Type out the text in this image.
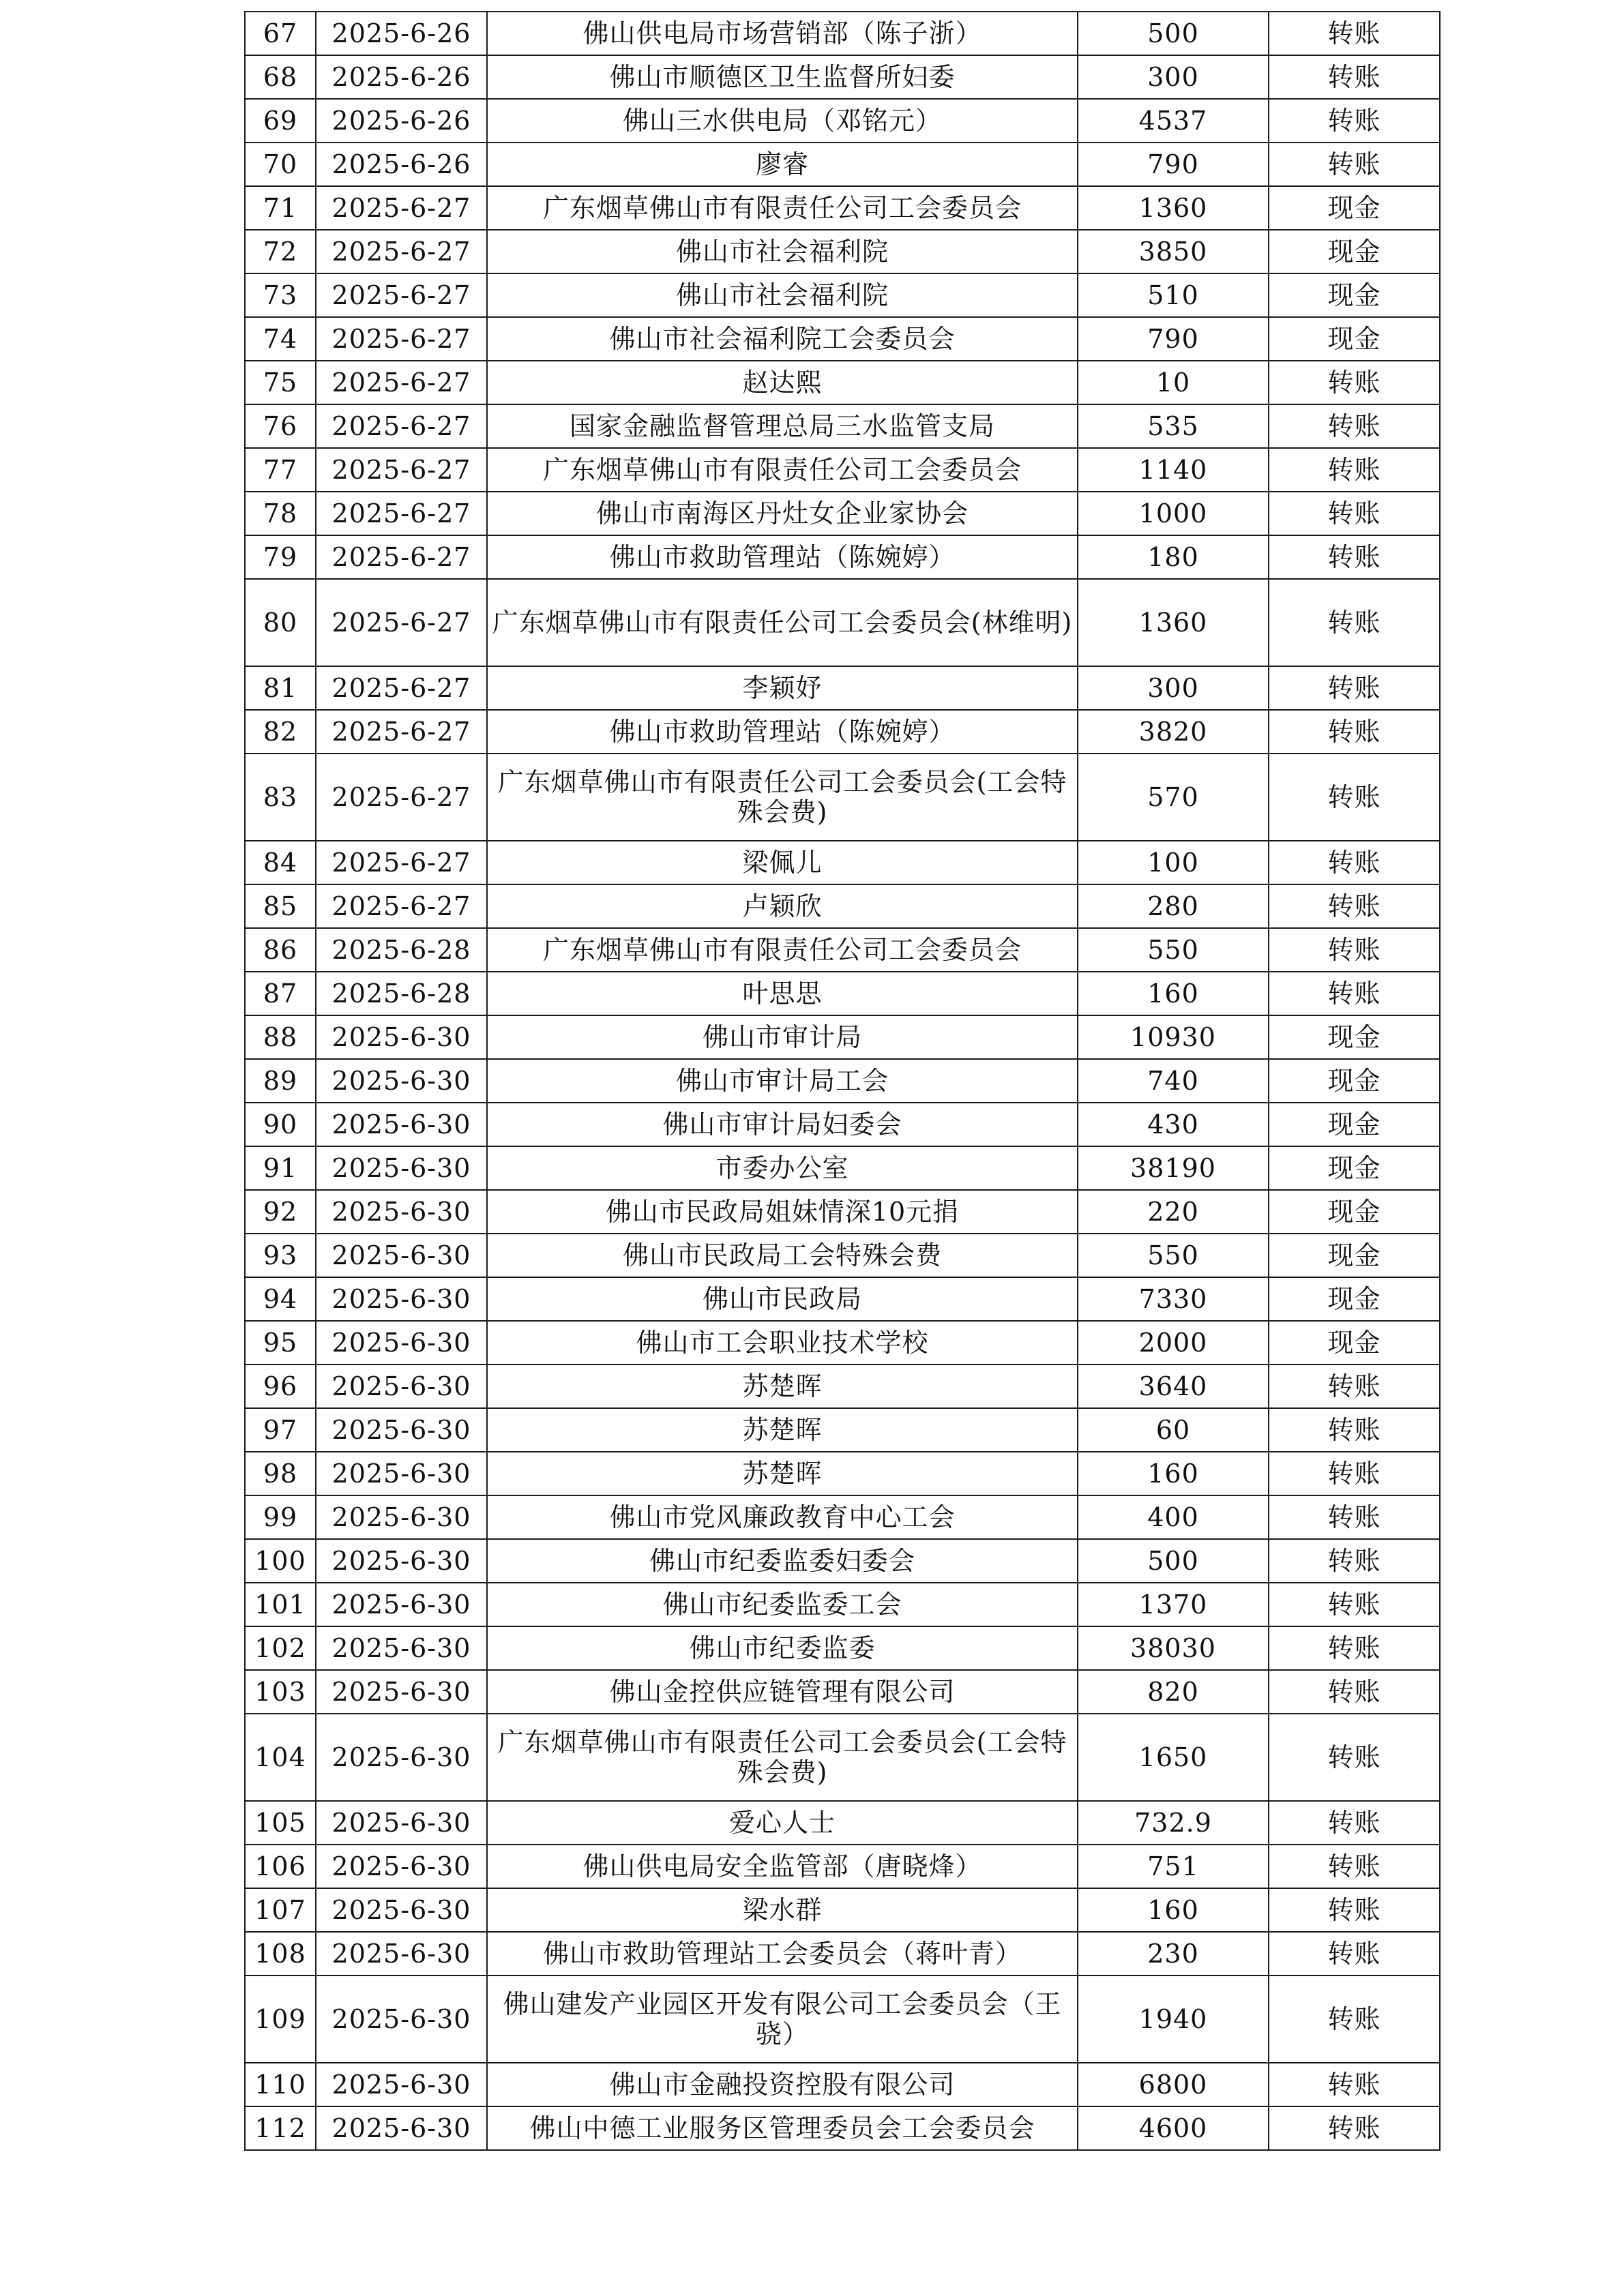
67	2025-6-26	佛山供电局市场营销部（陈子浙）	500	转账
68	2025-6-26	佛山市顺德区卫生监督所妇委	300	转账
69	2025-6-26	佛山三水供电局（邓铭元）	4537	转账
70	2025-6-26	廖睿	790	转账
71	2025-6-27	广东烟草佛山市有限责任公司工会委员会	1360	现金
72	2025-6-27	佛山市社会福利院	3850	现金
73	2025-6-27	佛山市社会福利院	510	现金
74	2025-6-27	佛山市社会福利院工会委员会	790	现金
75	2025-6-27	赵达熙	10	转账
76	2025-6-27	国家金融监督管理总局三水监管支局	535	转账
77	2025-6-27	广东烟草佛山市有限责任公司工会委员会	1140	转账
78	2025-6-27	佛山市南海区丹灶女企业家协会	1000	转账
79	2025-6-27	佛山市救助管理站（陈婉婷）	180	转账
80	2025-6-27	广东烟草佛山市有限责任公司工会委员会(林维明)	1360	转账
81	2025-6-27	李颖妤	300	转账
82	2025-6-27	佛山市救助管理站（陈婉婷）	3820	转账
83	2025-6-27	广东烟草佛山市有限责任公司工会委员会(工会特殊会费)	570	转账
84	2025-6-27	梁佩儿	100	转账
85	2025-6-27	卢颖欣	280	转账
86	2025-6-28	广东烟草佛山市有限责任公司工会委员会	550	转账
87	2025-6-28	叶思思	160	转账
88	2025-6-30	佛山市审计局	10930	现金
89	2025-6-30	佛山市审计局工会	740	现金
90	2025-6-30	佛山市审计局妇委会	430	现金
91	2025-6-30	市委办公室	38190	现金
92	2025-6-30	佛山市民政局姐妹情深10元捐	220	现金
93	2025-6-30	佛山市民政局工会特殊会费	550	现金
94	2025-6-30	佛山市民政局	7330	现金
95	2025-6-30	佛山市工会职业技术学校	2000	现金
96	2025-6-30	苏楚晖	3640	转账
97	2025-6-30	苏楚晖	60	转账
98	2025-6-30	苏楚晖	160	转账
99	2025-6-30	佛山市党风廉政教育中心工会	400	转账
100	2025-6-30	佛山市纪委监委妇委会	500	转账
101	2025-6-30	佛山市纪委监委工会	1370	转账
102	2025-6-30	佛山市纪委监委	38030	转账
103	2025-6-30	佛山金控供应链管理有限公司	820	转账
104	2025-6-30	广东烟草佛山市有限责任公司工会委员会(工会特殊会费)	1650	转账
105	2025-6-30	爱心人士	732.9	转账
106	2025-6-30	佛山供电局安全监管部（唐晓烽）	751	转账
107	2025-6-30	梁水群	160	转账
108	2025-6-30	佛山市救助管理站工会委员会（蒋叶青）	230	转账
109	2025-6-30	佛山建发产业园区开发有限公司工会委员会（王骁）	1940	转账
110	2025-6-30	佛山市金融投资控股有限公司	6800	转账
112	2025-6-30	佛山中德工业服务区管理委员会工会委员会	4600	转账
